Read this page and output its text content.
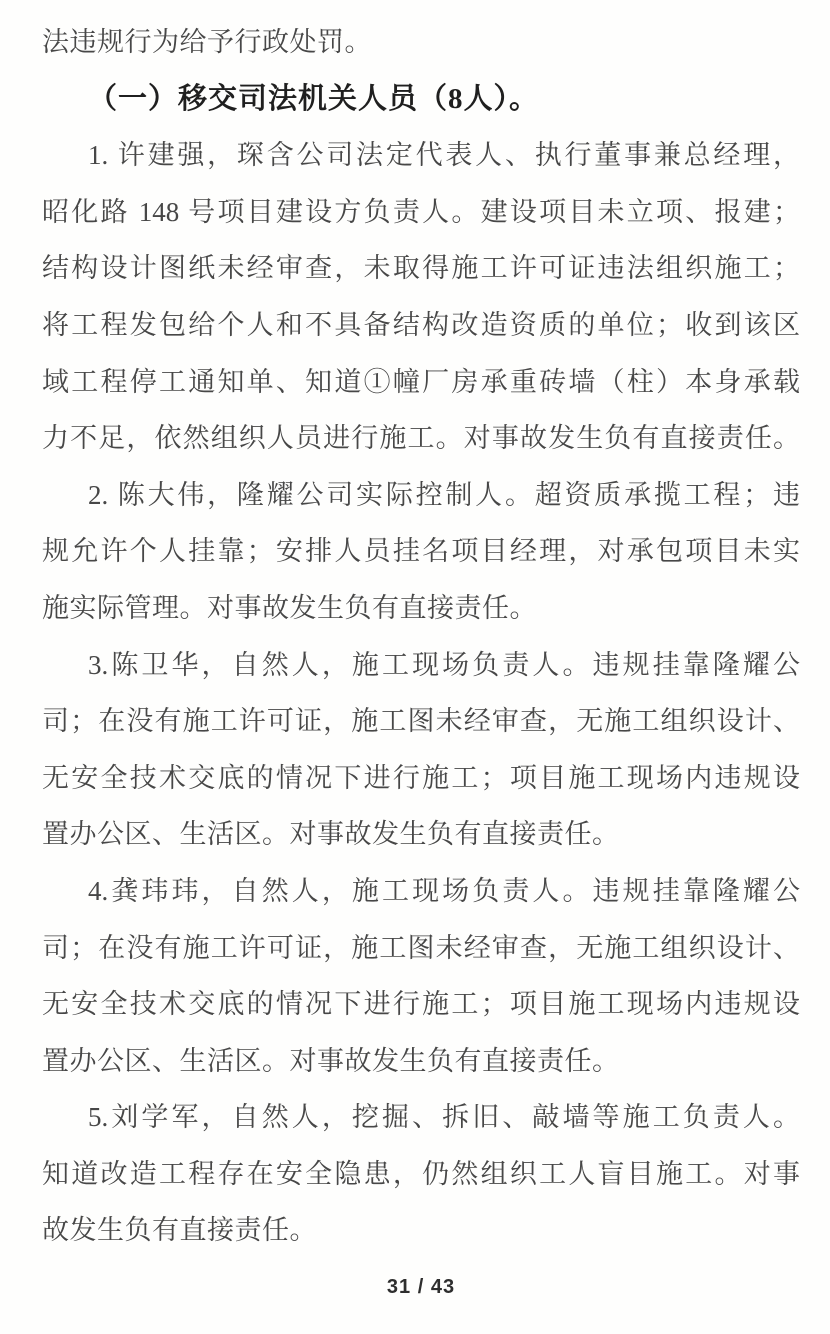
法违规行为给予行政处罚。
（一）移交司法机关人员（8人）。
1. 许建强，琛含公司法定代表人、执行董事兼总经理，
昭化路 148 号项目建设方负责人。建设项目未立项、报建；
结构设计图纸未经审查，未取得施工许可证违法组织施工；
将工程发包给个人和不具备结构改造资质的单位；收到该区
域工程停工通知单、知道①幢厂房承重砖墙（柱）本身承载
力不足，依然组织人员进行施工。对事故发生负有直接责任。
2. 陈大伟，隆耀公司实际控制人。超资质承揽工程；违
规允许个人挂靠；安排人员挂名项目经理，对承包项目未实
施实际管理。对事故发生负有直接责任。
3.陈卫华，自然人，施工现场负责人。违规挂靠隆耀公
司；在没有施工许可证，施工图未经审查，无施工组织设计、
无安全技术交底的情况下进行施工；项目施工现场内违规设
置办公区、生活区。对事故发生负有直接责任。
4.龚玮玮，自然人，施工现场负责人。违规挂靠隆耀公
司；在没有施工许可证，施工图未经审查，无施工组织设计、
无安全技术交底的情况下进行施工；项目施工现场内违规设
置办公区、生活区。对事故发生负有直接责任。
5.刘学军，自然人，挖掘、拆旧、敲墙等施工负责人。
知道改造工程存在安全隐患，仍然组织工人盲目施工。对事
故发生负有直接责任。
31 / 43
